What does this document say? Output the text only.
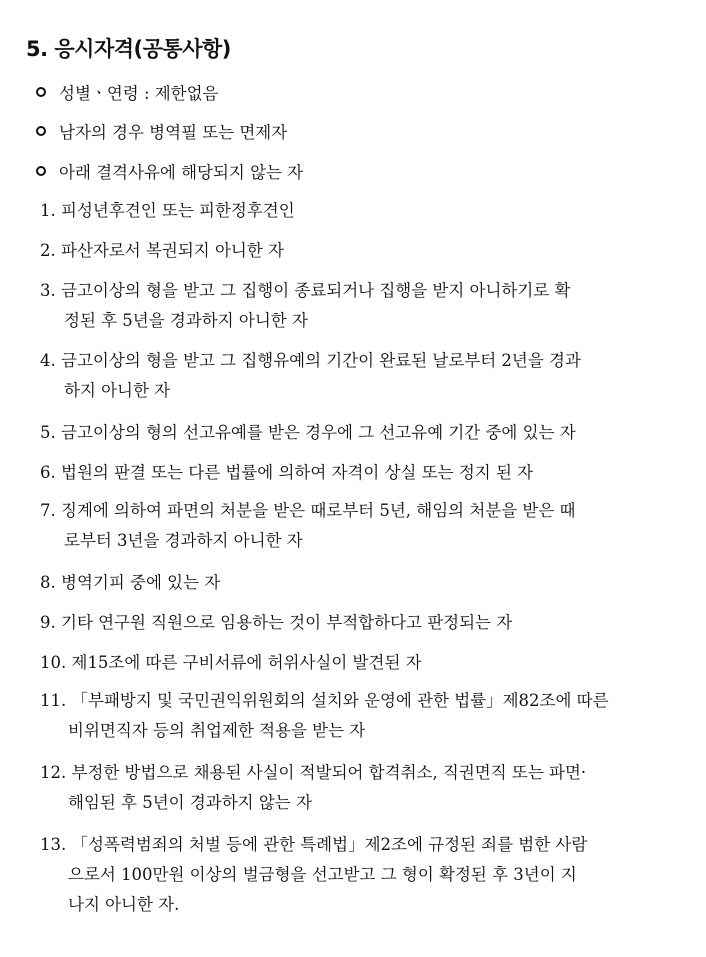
5. 응시자격(공통사항)
성별ㆍ연령 : 제한없음
남자의 경우 병역필 또는 면제자
아래 결격사유에 해당되지 않는 자
1. 피성년후견인 또는 피한정후견인
2. 파산자로서 복권되지 아니한 자
3. 금고이상의 형을 받고 그 집행이 종료되거나 집행을 받지 아니하기로 확
정된 후 5년을 경과하지 아니한 자
4. 금고이상의 형을 받고 그 집행유예의 기간이 완료된 날로부터 2년을 경과
하지 아니한 자
5. 금고이상의 형의 선고유예를 받은 경우에 그 선고유예 기간 중에 있는 자
6. 법원의 판결 또는 다른 법률에 의하여 자격이 상실 또는 정지 된 자
7. 징계에 의하여 파면의 처분을 받은 때로부터 5년, 해임의 처분을 받은 때
로부터 3년을 경과하지 아니한 자
8. 병역기피 중에 있는 자
9. 기타 연구원 직원으로 임용하는 것이 부적합하다고 판정되는 자
10. 제15조에 따른 구비서류에 허위사실이 발견된 자
11. 「부패방지 및 국민권익위원회의 설치와 운영에 관한 법률」제82조에 따른
비위면직자 등의 취업제한 적용을 받는 자
12. 부정한 방법으로 채용된 사실이 적발되어 합격취소, 직권면직 또는 파면·
해임된 후 5년이 경과하지 않는 자
13. 「성폭력범죄의 처벌 등에 관한 특례법」제2조에 규정된 죄를 범한 사람
으로서 100만원 이상의 벌금형을 선고받고 그 형이 확정된 후 3년이 지
나지 아니한 자.
